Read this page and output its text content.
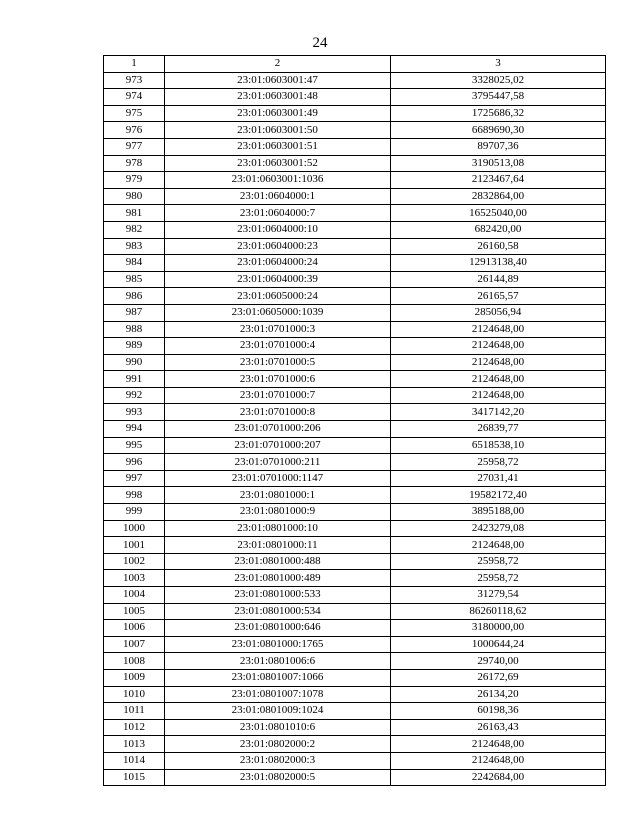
24
1	2	3
973	23:01:0603001:47	3328025,02
974	23:01:0603001:48	3795447,58
975	23:01:0603001:49	1725686,32
976	23:01:0603001:50	6689690,30
977	23:01:0603001:51	89707,36
978	23:01:0603001:52	3190513,08
979	23:01:0603001:1036	2123467,64
980	23:01:0604000:1	2832864,00
981	23:01:0604000:7	16525040,00
982	23:01:0604000:10	682420,00
983	23:01:0604000:23	26160,58
984	23:01:0604000:24	12913138,40
985	23:01:0604000:39	26144,89
986	23:01:0605000:24	26165,57
987	23:01:0605000:1039	285056,94
988	23:01:0701000:3	2124648,00
989	23:01:0701000:4	2124648,00
990	23:01:0701000:5	2124648,00
991	23:01:0701000:6	2124648,00
992	23:01:0701000:7	2124648,00
993	23:01:0701000:8	3417142,20
994	23:01:0701000:206	26839,77
995	23:01:0701000:207	6518538,10
996	23:01:0701000:211	25958,72
997	23:01:0701000:1147	27031,41
998	23:01:0801000:1	19582172,40
999	23:01:0801000:9	3895188,00
1000	23:01:0801000:10	2423279,08
1001	23:01:0801000:11	2124648,00
1002	23:01:0801000:488	25958,72
1003	23:01:0801000:489	25958,72
1004	23:01:0801000:533	31279,54
1005	23:01:0801000:534	86260118,62
1006	23:01:0801000:646	3180000,00
1007	23:01:0801000:1765	1000644,24
1008	23:01:0801006:6	29740,00
1009	23:01:0801007:1066	26172,69
1010	23:01:0801007:1078	26134,20
1011	23:01:0801009:1024	60198,36
1012	23:01:0801010:6	26163,43
1013	23:01:0802000:2	2124648,00
1014	23:01:0802000:3	2124648,00
1015	23:01:0802000:5	2242684,00
